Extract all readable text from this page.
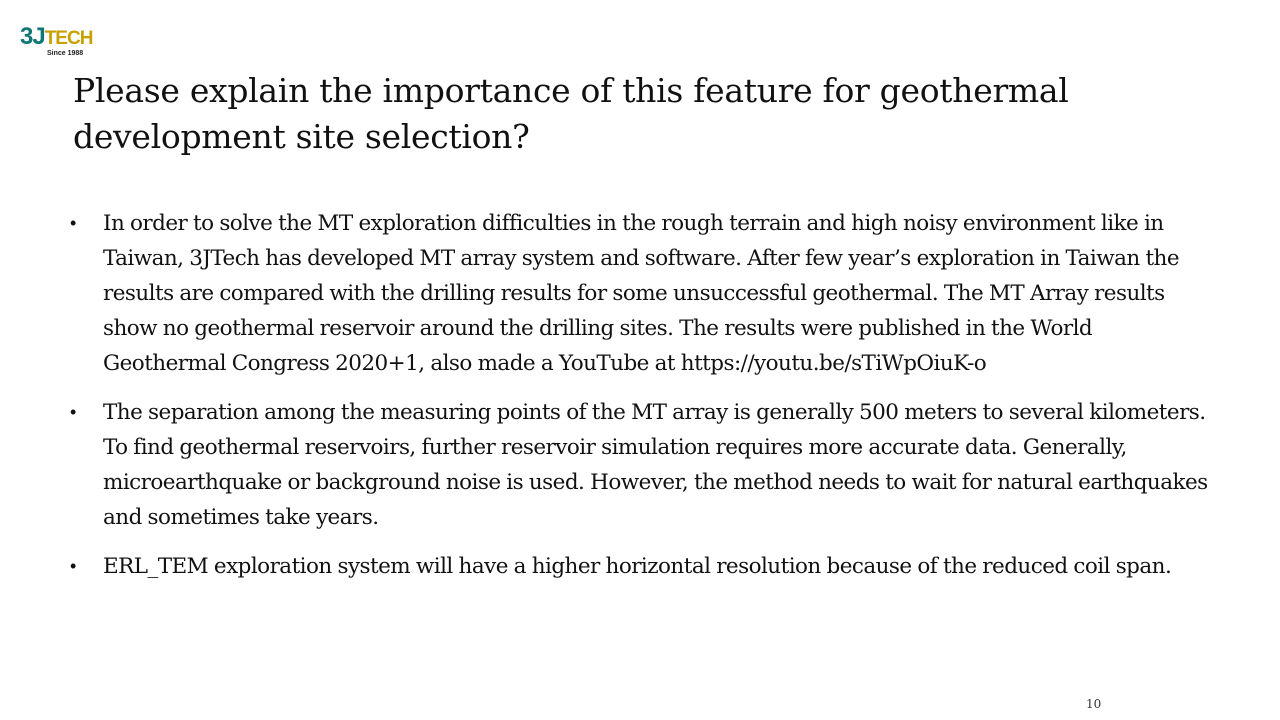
3JTECH
Since 1988
Please explain the importance of this feature for geothermal development site selection?
• In order to solve the MT exploration difficulties in the rough terrain and high noisy environment like in Taiwan, 3JTech has developed MT array system and software. After few year’s exploration in Taiwan the results are compared with the drilling results for some unsuccessful geothermal. The MT Array results show no geothermal reservoir around the drilling sites. The results were published in the World Geothermal Congress 2020+1, also made a YouTube at https://youtu.be/sTiWpOiuK-o
• The separation among the measuring points of the MT array is generally 500 meters to several kilometers. To find geothermal reservoirs, further reservoir simulation requires more accurate data. Generally, microearthquake or background noise is used. However, the method needs to wait for natural earthquakes and sometimes take years.
• ERL_TEM exploration system will have a higher horizontal resolution because of the reduced coil span.
10
